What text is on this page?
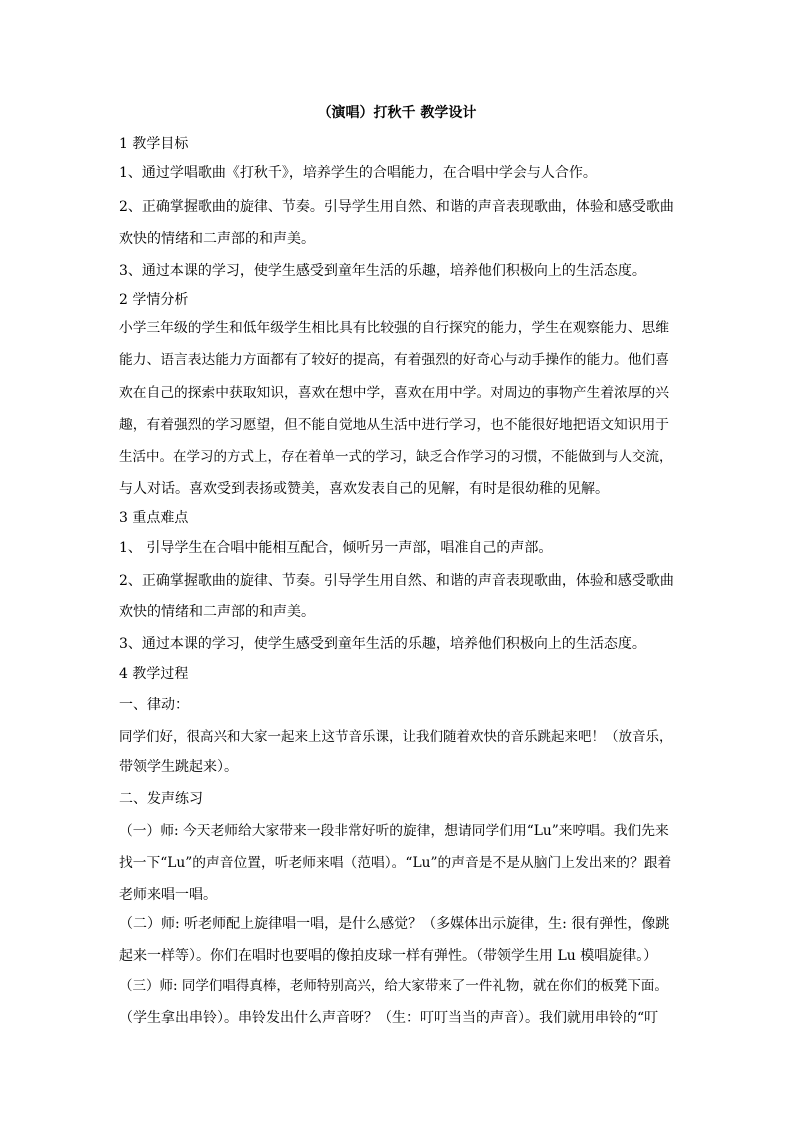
（演唱）打秋千 教学设计
1 教学目标
1、通过学唱歌曲《打秋千》，培养学生的合唱能力，在合唱中学会与人合作。
2、正确掌握歌曲的旋律、节奏。引导学生用自然、和谐的声音表现歌曲，体验和感受歌曲
欢快的情绪和二声部的和声美。
3、通过本课的学习，使学生感受到童年生活的乐趣，培养他们积极向上的生活态度。
2 学情分析
小学三年级的学生和低年级学生相比具有比较强的自行探究的能力，学生在观察能力、思维
能力、语言表达能力方面都有了较好的提高，有着强烈的好奇心与动手操作的能力。他们喜
欢在自己的探索中获取知识，喜欢在想中学，喜欢在用中学。对周边的事物产生着浓厚的兴
趣，有着强烈的学习愿望，但不能自觉地从生活中进行学习，也不能很好地把语文知识用于
生活中。在学习的方式上，存在着单一式的学习，缺乏合作学习的习惯，不能做到与人交流，
与人对话。喜欢受到表扬或赞美，喜欢发表自己的见解，有时是很幼稚的见解。
3 重点难点
1、 引导学生在合唱中能相互配合，倾听另一声部，唱准自己的声部。
2、正确掌握歌曲的旋律、节奏。引导学生用自然、和谐的声音表现歌曲，体验和感受歌曲
欢快的情绪和二声部的和声美。
3、通过本课的学习，使学生感受到童年生活的乐趣，培养他们积极向上的生活态度。
4 教学过程
一、律动：
同学们好，很高兴和大家一起来上这节音乐课，让我们随着欢快的音乐跳起来吧！（放音乐，
带领学生跳起来）。
二、发声练习
（一）师: 今天老师给大家带来一段非常好听的旋律，想请同学们用“Lu”来哼唱。我们先来
找一下“Lu”的声音位置，听老师来唱（范唱）。“Lu”的声音是不是从脑门上发出来的？跟着
老师来唱一唱。
（二）师: 听老师配上旋律唱一唱，是什么感觉？（多媒体出示旋律，生: 很有弹性，像跳
起来一样等）。你们在唱时也要唱的像拍皮球一样有弹性。（带领学生用 Lu 模唱旋律。）
（三）师: 同学们唱得真棒，老师特别高兴，给大家带来了一件礼物，就在你们的板凳下面。
（学生拿出串铃）。串铃发出什么声音呀？（生：叮叮当当的声音）。我们就用串铃的“叮
